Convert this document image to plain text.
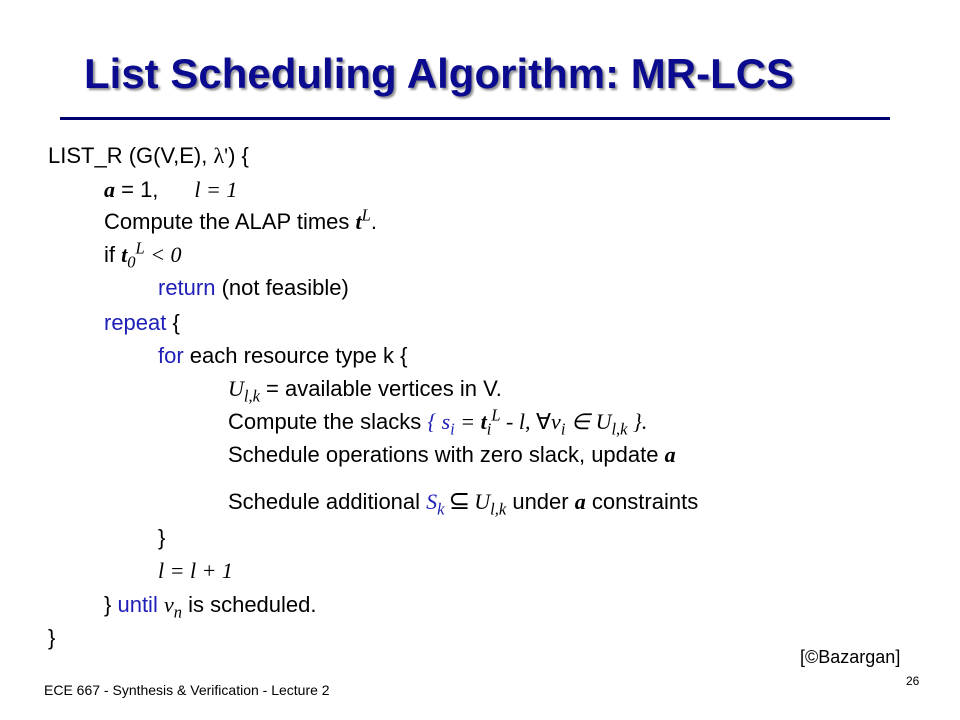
List Scheduling Algorithm: MR-LCS
LIST_R (G(V,E), λ') {
a = 1, l = 1
Compute the ALAP times $t^L$.
if $t_0^L < 0$
return (not feasible)
repeat {
for each resource type k {
$U_{l,k}$ = available vertices in V.
Compute the slacks { $s_i = t_i^L - l$, $\forall v_i$ ∈ $U_{l,k}$ }.
Schedule operations with zero slack, update a
Schedule additional $S_k$ ⊆ $U_{l,k}$ under a constraints
}
l = l + 1
} until $v_n$ is scheduled.
}
[©Bazargan]
ECE 667 - Synthesis & Verification - Lecture 2
26
